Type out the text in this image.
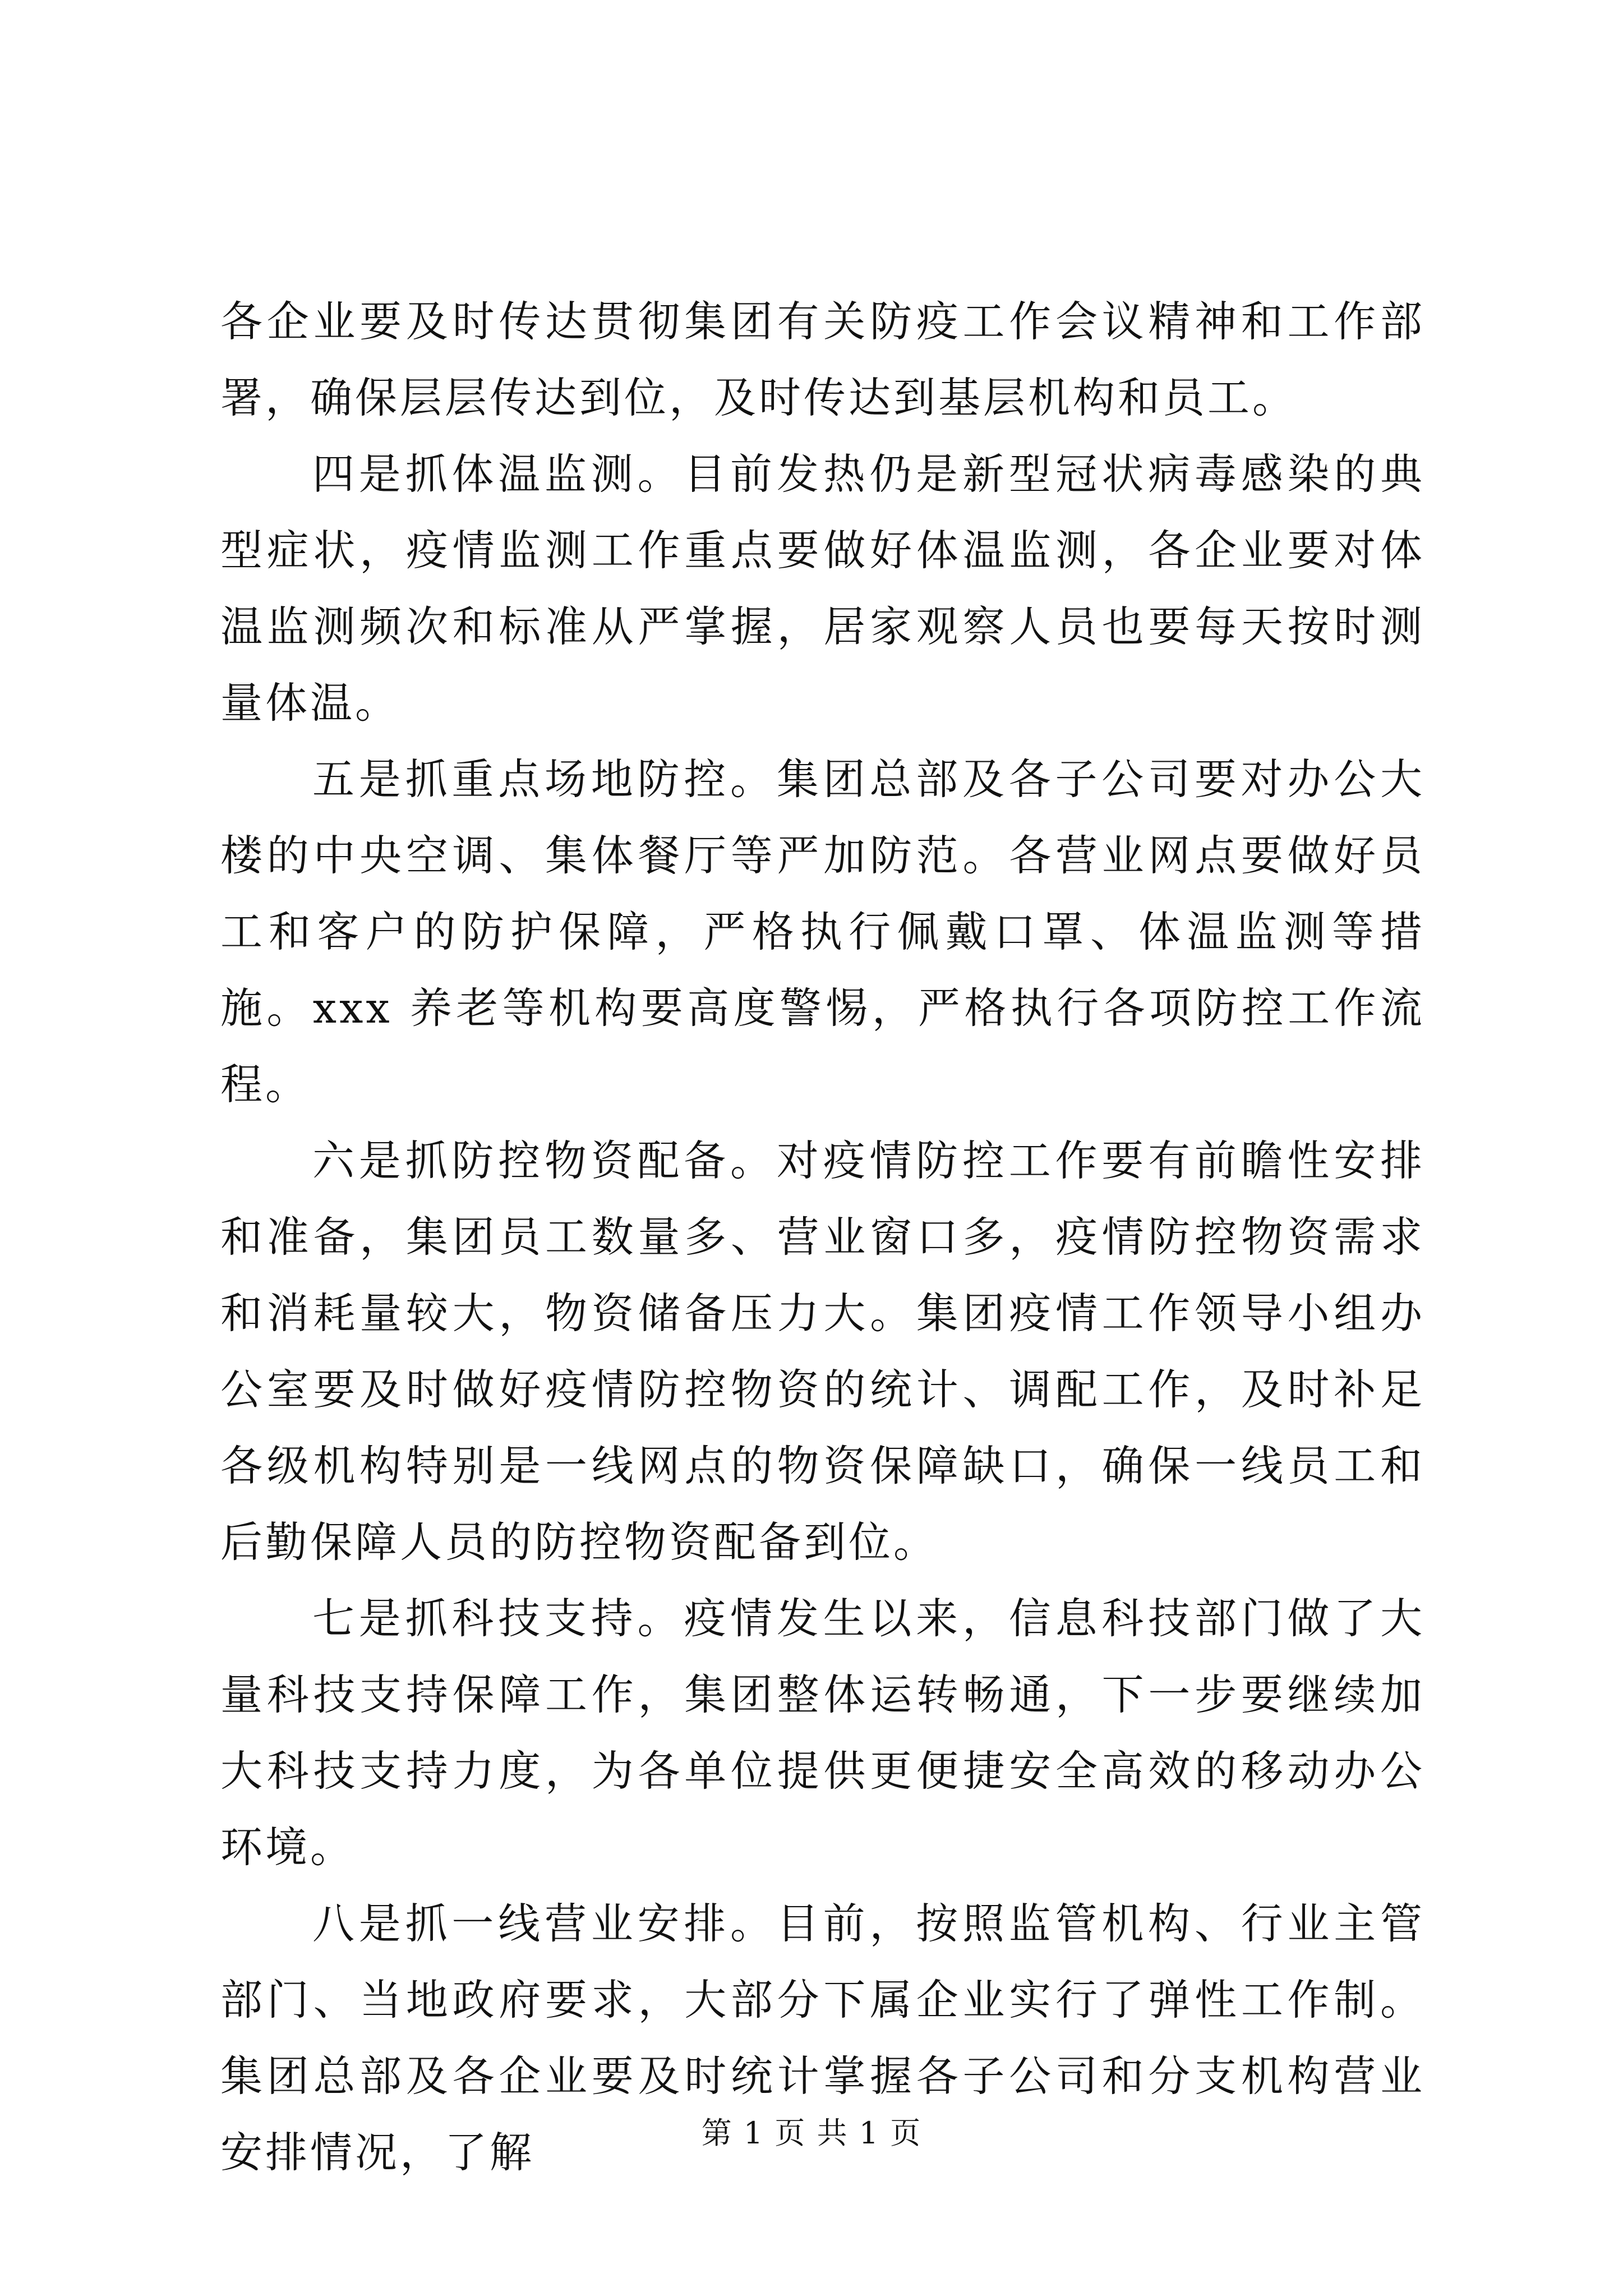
各企业要及时传达贯彻集团有关防疫工作会议精神和工作部署，确保层层传达到位，及时传达到基层机构和员工。

四是抓体温监测。目前发热仍是新型冠状病毒感染的典型症状，疫情监测工作重点要做好体温监测，各企业要对体温监测频次和标准从严掌握，居家观察人员也要每天按时测量体温。

五是抓重点场地防控。集团总部及各子公司要对办公大楼的中央空调、集体餐厅等严加防范。各营业网点要做好员工和客户的防护保障，严格执行佩戴口罩、体温监测等措施。xxx 养老等机构要高度警惕，严格执行各项防控工作流程。

六是抓防控物资配备。对疫情防控工作要有前瞻性安排和准备，集团员工数量多、营业窗口多，疫情防控物资需求和消耗量较大，物资储备压力大。集团疫情工作领导小组办公室要及时做好疫情防控物资的统计、调配工作，及时补足各级机构特别是一线网点的物资保障缺口，确保一线员工和后勤保障人员的防控物资配备到位。

七是抓科技支持。疫情发生以来，信息科技部门做了大量科技支持保障工作，集团整体运转畅通，下一步要继续加大科技支持力度，为各单位提供更便捷安全高效的移动办公环境。

八是抓一线营业安排。目前，按照监管机构、行业主管部门、当地政府要求，大部分下属企业实行了弹性工作制。集团总部及各企业要及时统计掌握各子公司和分支机构营业安排情况，了解	第 1 页 共 1 页
